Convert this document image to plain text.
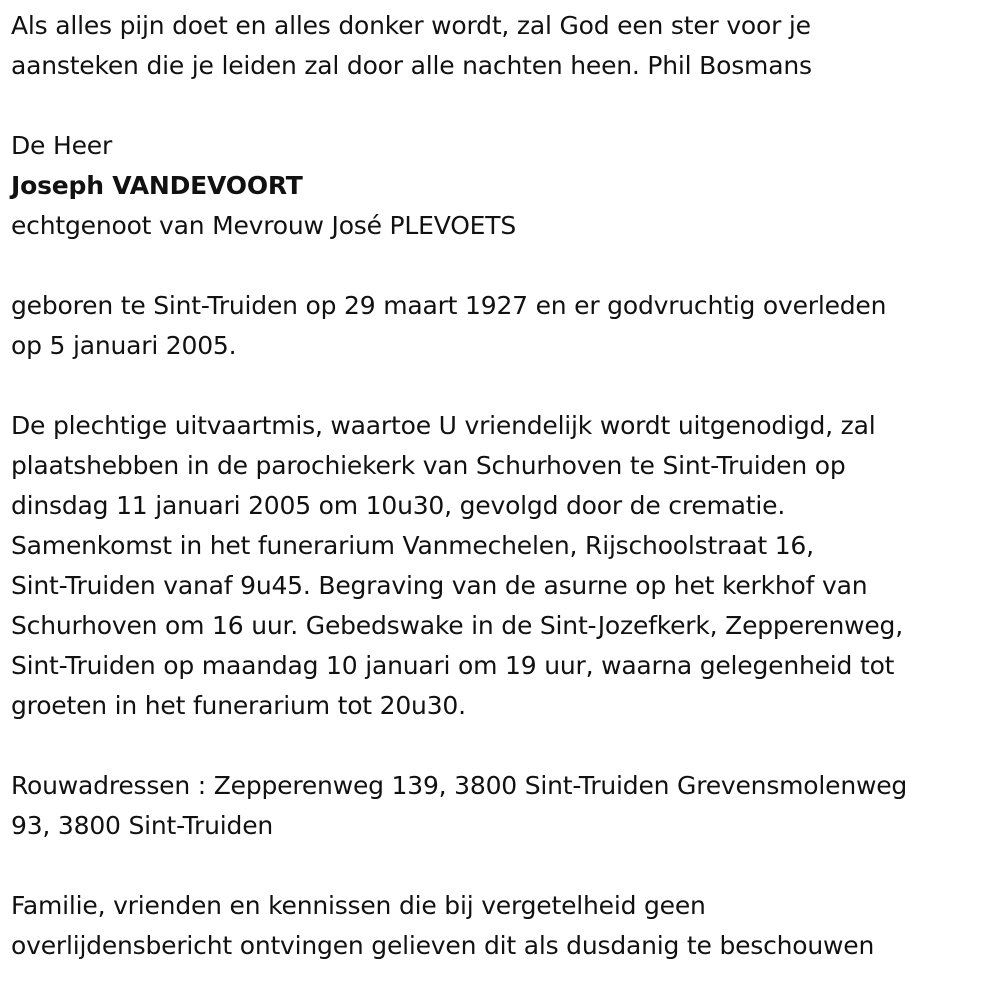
Als alles pijn doet en alles donker wordt, zal God een ster voor je
aansteken die je leiden zal door alle nachten heen. Phil Bosmans
De Heer
Joseph VANDEVOORT
echtgenoot van Mevrouw José PLEVOETS
geboren te Sint-Truiden op 29 maart 1927 en er godvruchtig overleden
op 5 januari 2005.
De plechtige uitvaartmis, waartoe U vriendelijk wordt uitgenodigd, zal
plaatshebben in de parochiekerk van Schurhoven te Sint-Truiden op
dinsdag 11 januari 2005 om 10u30, gevolgd door de crematie.
Samenkomst in het funerarium Vanmechelen, Rijschoolstraat 16,
Sint-Truiden vanaf 9u45. Begraving van de asurne op het kerkhof van
Schurhoven om 16 uur. Gebedswake in de Sint-Jozefkerk, Zepperenweg,
Sint-Truiden op maandag 10 januari om 19 uur, waarna gelegenheid tot
groeten in het funerarium tot 20u30.
Rouwadressen : Zepperenweg 139, 3800 Sint-Truiden Grevensmolenweg
93, 3800 Sint-Truiden
Familie, vrienden en kennissen die bij vergetelheid geen
overlijdensbericht ontvingen gelieven dit als dusdanig te beschouwen
